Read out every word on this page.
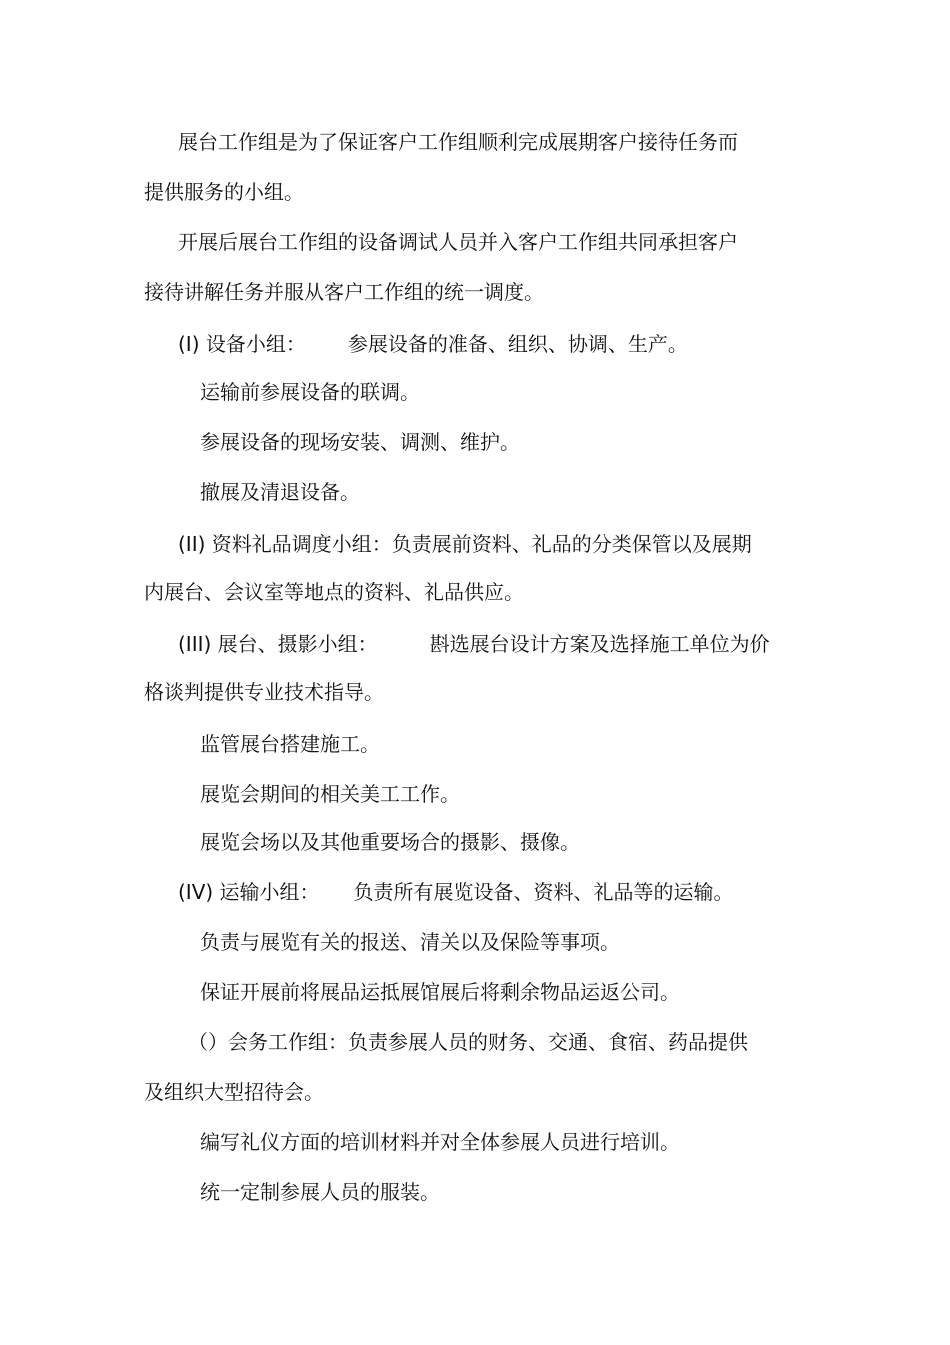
展台工作组是为了保证客户工作组顺利完成展期客户接待任务而
提供服务的小组。
开展后展台工作组的设备调试人员并入客户工作组共同承担客户
接待讲解任务并服从客户工作组的统一调度。
(I) 设备小组： 参展设备的准备、组织、协调、生产。
运输前参展设备的联调。
参展设备的现场安装、调测、维护。
撤展及清退设备。
(II) 资料礼品调度小组：负责展前资料、礼品的分类保管以及展期
内展台、会议室等地点的资料、礼品供应。
(III) 展台、摄影小组：	斟选展台设计方案及选择施工单位为价
格谈判提供专业技术指导。
监管展台搭建施工。
展览会期间的相关美工工作。
展览会场以及其他重要场合的摄影、摄像。
(IV) 运输小组： 负责所有展览设备、资料、礼品等的运输。
负责与展览有关的报送、清关以及保险等事项。
保证开展前将展品运抵展馆展后将剩余物品运返公司。
（）会务工作组：负责参展人员的财务、交通、食宿、药品提供
及组织大型招待会。
编写礼仪方面的培训材料并对全体参展人员进行培训。
统一定制参展人员的服装。
